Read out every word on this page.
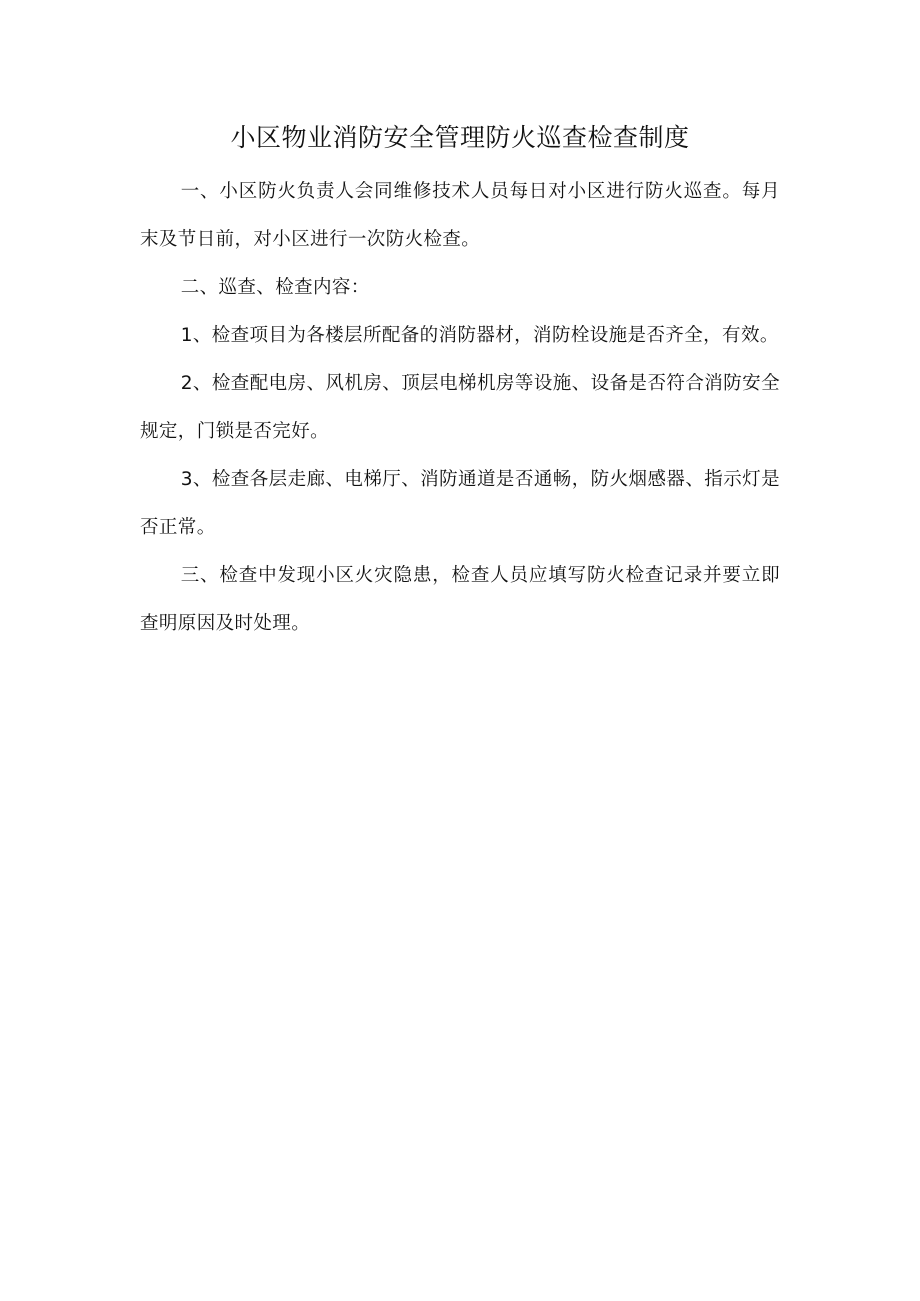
小区物业消防安全管理防火巡查检查制度

一、小区防火负责人会同维修技术人员每日对小区进行防火巡查。每月末及节日前，对小区进行一次防火检查。

二、巡查、检查内容：

1、检查项目为各楼层所配备的消防器材，消防栓设施是否齐全，有效。

2、检查配电房、风机房、顶层电梯机房等设施、设备是否符合消防安全规定，门锁是否完好。

3、检查各层走廊、电梯厅、消防通道是否通畅，防火烟感器、指示灯是否正常。

三、检查中发现小区火灾隐患，检查人员应填写防火检查记录并要立即查明原因及时处理。
